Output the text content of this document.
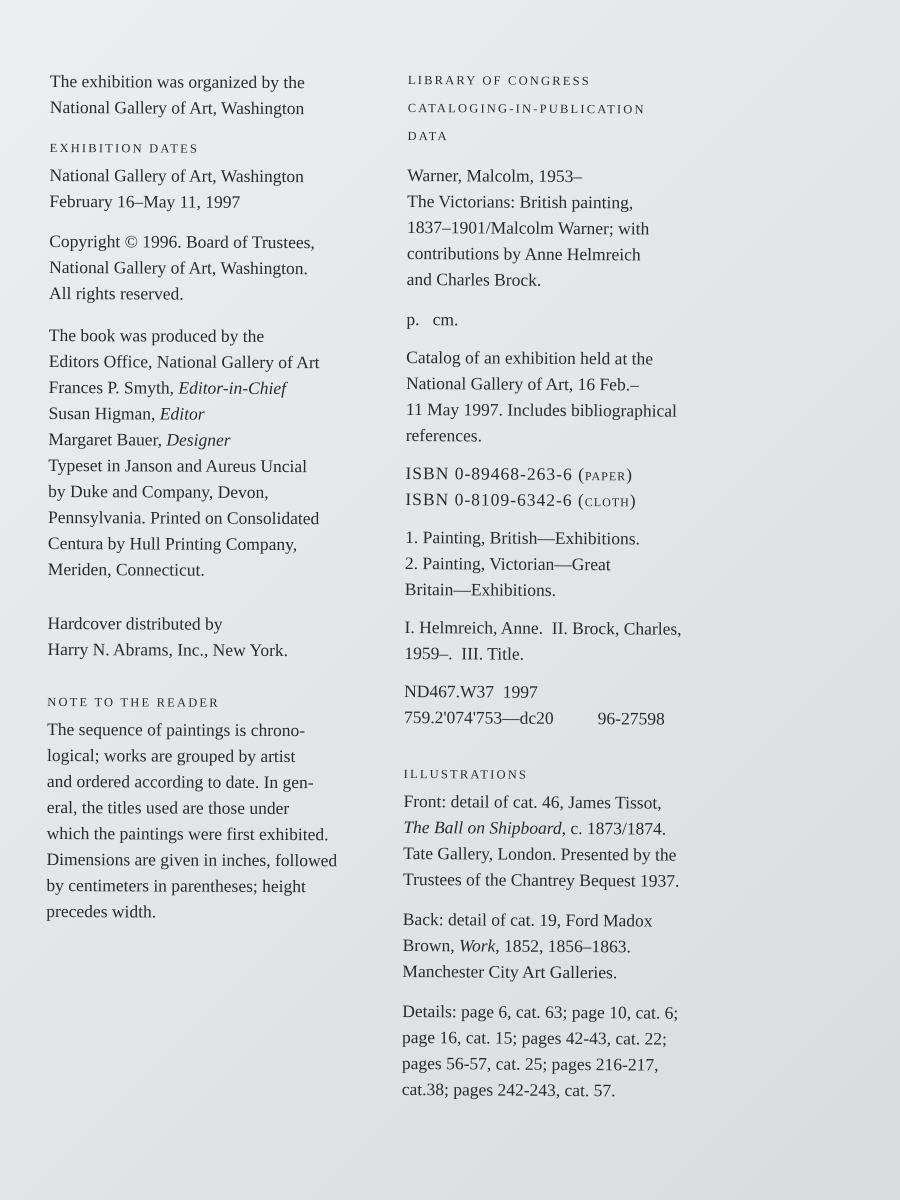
The exhibition was organized by the
National Gallery of Art, Washington
EXHIBITION DATES
National Gallery of Art, Washington
February 16–May 11, 1997
Copyright © 1996. Board of Trustees,
National Gallery of Art, Washington.
All rights reserved.
The book was produced by the
Editors Office, National Gallery of Art
Frances P. Smyth, Editor-in-Chief
Susan Higman, Editor
Margaret Bauer, Designer
Typeset in Janson and Aureus Uncial
by Duke and Company, Devon,
Pennsylvania. Printed on Consolidated
Centura by Hull Printing Company,
Meriden, Connecticut.
Hardcover distributed by
Harry N. Abrams, Inc., New York.
NOTE TO THE READER
The sequence of paintings is chrono-
logical; works are grouped by artist
and ordered according to date. In gen-
eral, the titles used are those under
which the paintings were first exhibited.
Dimensions are given in inches, followed
by centimeters in parentheses; height
precedes width.
LIBRARY OF CONGRESS
CATALOGING-IN-PUBLICATION
DATA
Warner, Malcolm, 1953–
The Victorians: British painting,
1837–1901/Malcolm Warner; with
contributions by Anne Helmreich
and Charles Brock.
p.   cm.
Catalog of an exhibition held at the
National Gallery of Art, 16 Feb.–
11 May 1997. Includes bibliographical
references.
ISBN 0-89468-263-6 (paper)
ISBN 0-8109-6342-6 (cloth)
1. Painting, British—Exhibitions.
2. Painting, Victorian—Great
Britain—Exhibitions.
I. Helmreich, Anne.  II. Brock, Charles,
1959–.  III. Title.
ND467.W37  1997
759.2'074'753—dc20	96-27598
ILLUSTRATIONS
Front: detail of cat. 46, James Tissot,
The Ball on Shipboard, c. 1873/1874.
Tate Gallery, London. Presented by the
Trustees of the Chantrey Bequest 1937.
Back: detail of cat. 19, Ford Madox
Brown, Work, 1852, 1856–1863.
Manchester City Art Galleries.
Details: page 6, cat. 63; page 10, cat. 6;
page 16, cat. 15; pages 42-43, cat. 22;
pages 56-57, cat. 25; pages 216-217,
cat.38; pages 242-243, cat. 57.
